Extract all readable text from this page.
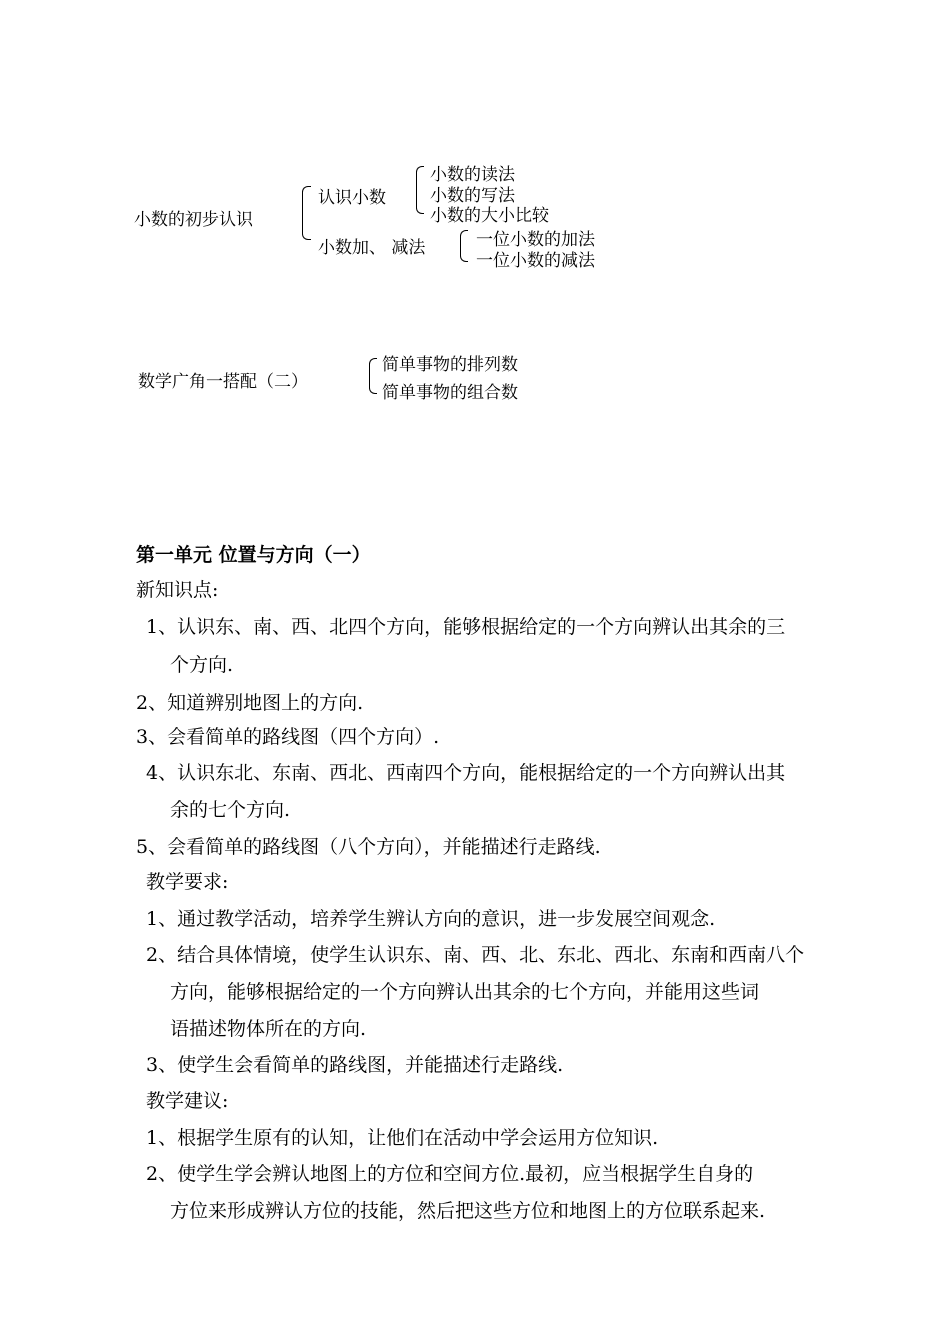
小数的初步认识
认识小数
小数的读法
小数的写法
小数的大小比较
小数加、 减法	一位小数的加法
一位小数的减法
数学广角一搭配（二）
简单事物的排列数
简单事物的组合数
第一单元 位置与方向（一）
新知识点:
1、认识东、南、西、北四个方向，能够根据给定的一个方向辨认出其余的三
个方向.
2、知道辨别地图上的方向.
3、会看简单的路线图（四个方向）.
4、认识东北、东南、西北、西南四个方向，能根据给定的一个方向辨认出其
余的七个方向.
5、会看简单的路线图（八个方向），并能描述行走路线.
教学要求:
1、通过教学活动，培养学生辨认方向的意识，进一步发展空间观念.
2、结合具体情境，使学生认识东、南、西、北、东北、西北、东南和西南八个
方向，能够根据给定的一个方向辨认出其余的七个方向，并能用这些词
语描述物体所在的方向.
3、使学生会看简单的路线图，并能描述行走路线.
教学建议:
1、根据学生原有的认知，让他们在活动中学会运用方位知识.
2、使学生学会辨认地图上的方位和空间方位.最初，应当根据学生自身的
方位来形成辨认方位的技能，然后把这些方位和地图上的方位联系起来.
